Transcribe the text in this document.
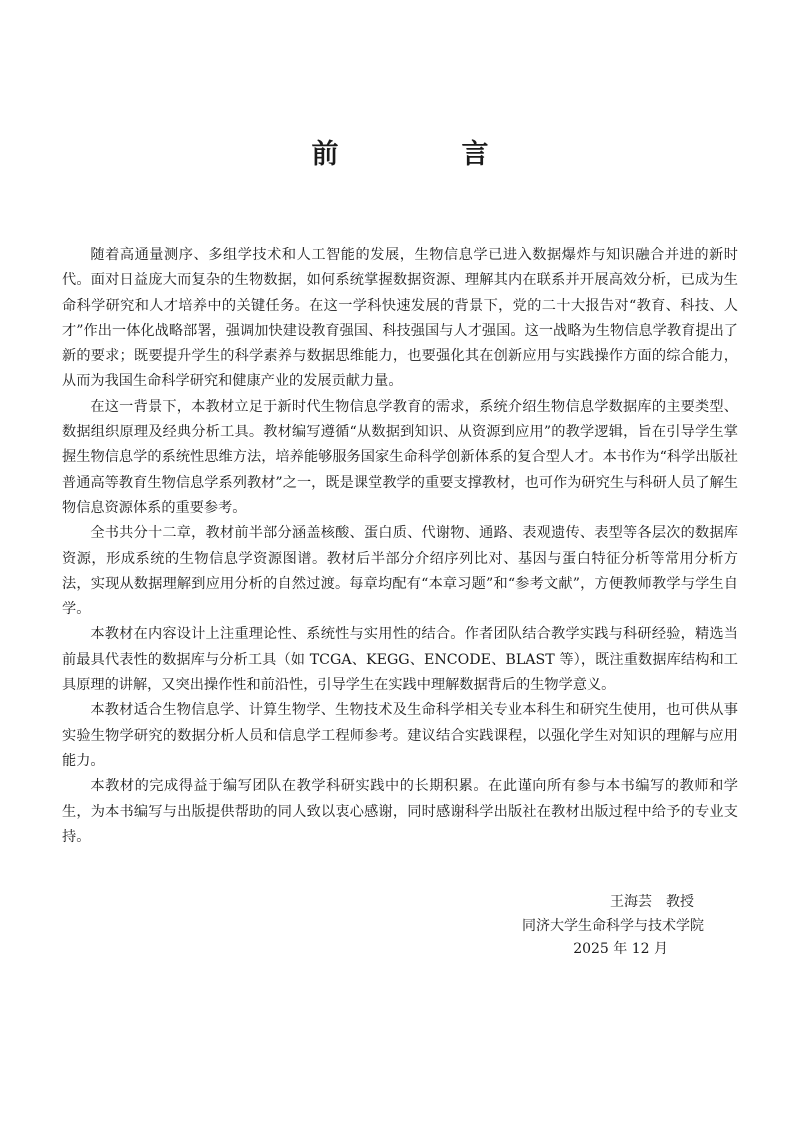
前　言

随着高通量测序、多组学技术和人工智能的发展，生物信息学已进入数据爆炸与知识融合并进的新时代。面对日益庞大而复杂的生物数据，如何系统掌握数据资源、理解其内在联系并开展高效分析，已成为生命科学研究和人才培养中的关键任务。在这一学科快速发展的背景下，党的二十大报告对“教育、科技、人才”作出一体化战略部署，强调加快建设教育强国、科技强国与人才强国。这一战略为生物信息学教育提出了新的要求；既要提升学生的科学素养与数据思维能力，也要强化其在创新应用与实践操作方面的综合能力，从而为我国生命科学研究和健康产业的发展贡献力量。

在这一背景下，本教材立足于新时代生物信息学教育的需求，系统介绍生物信息学数据库的主要类型、数据组织原理及经典分析工具。教材编写遵循“从数据到知识、从资源到应用”的教学逻辑，旨在引导学生掌握生物信息学的系统性思维方法，培养能够服务国家生命科学创新体系的复合型人才。本书作为“科学出版社普通高等教育生物信息学系列教材”之一，既是课堂教学的重要支撑教材，也可作为研究生与科研人员了解生物信息资源体系的重要参考。

全书共分十二章，教材前半部分涵盖核酸、蛋白质、代谢物、通路、表观遗传、表型等各层次的数据库资源，形成系统的生物信息学资源图谱。教材后半部分介绍序列比对、基因与蛋白特征分析等常用分析方法，实现从数据理解到应用分析的自然过渡。每章均配有“本章习题”和“参考文献”，方便教师教学与学生自学。

本教材在内容设计上注重理论性、系统性与实用性的结合。作者团队结合教学实践与科研经验，精选当前最具代表性的数据库与分析工具（如 TCGA、KEGG、ENCODE、BLAST 等），既注重数据库结构和工具原理的讲解，又突出操作性和前沿性，引导学生在实践中理解数据背后的生物学意义。

本教材适合生物信息学、计算生物学、生物技术及生命科学相关专业本科生和研究生使用，也可供从事实验生物学研究的数据分析人员和信息学工程师参考。建议结合实践课程，以强化学生对知识的理解与应用能力。

本教材的完成得益于编写团队在教学科研实践中的长期积累。在此谨向所有参与本书编写的教师和学生，为本书编写与出版提供帮助的同人致以衷心感谢，同时感谢科学出版社在教材出版过程中给予的专业支持。

王海芸　教授
同济大学生命科学与技术学院
2025 年 12 月
